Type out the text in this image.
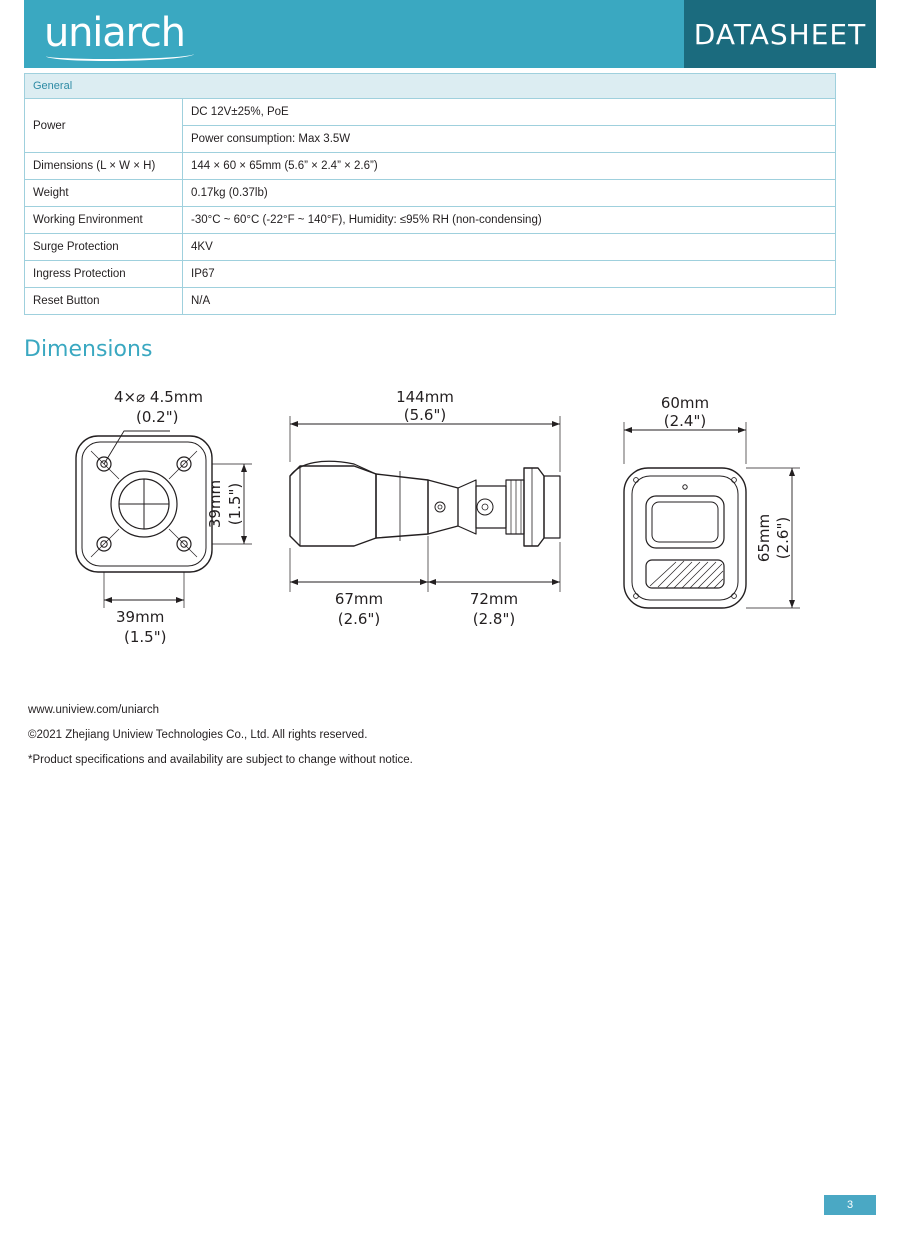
uniarch	DATASHEET
General	
Power	DC 12V±25%, PoE
	Power consumption: Max 3.5W
Dimensions (L × W × H)	144 × 60 × 65mm (5.6” × 2.4” × 2.6”)
Weight	0.17kg (0.37lb)
Working Environment	-30°C ~ 60°C (-22°F ~ 140°F), Humidity: ≤95% RH (non-condensing)
Surge Protection	4KV
Ingress Protection	IP67
Reset Button	N/A
Dimensions
4×⌀ 4.5mm
(0.2")
39mm
(1.5")
39mm (1.5")
144mm
(5.6")
67mm
(2.6")
72mm
(2.8")
60mm
(2.4")
65mm (2.6")
www.uniview.com/uniarch
©2021 Zhejiang Uniview Technologies Co., Ltd. All rights reserved.
*Product specifications and availability are subject to change without notice.
3
